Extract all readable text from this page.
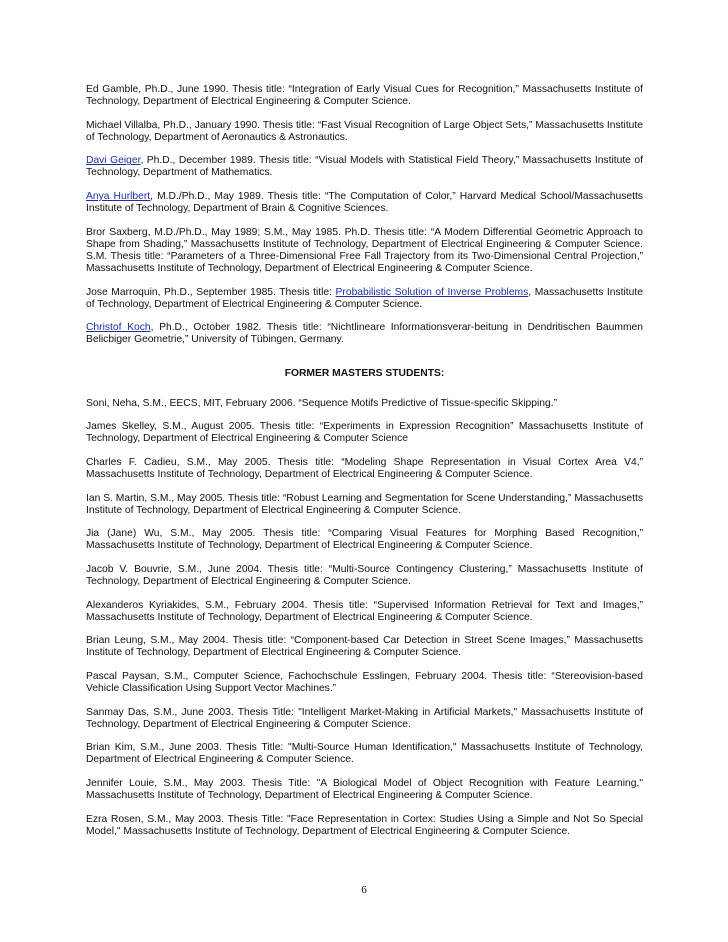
Ed Gamble, Ph.D., June 1990. Thesis title: “Integration of Early Visual Cues for Recognition,” Massachusetts Institute of Technology, Department of Electrical Engineering & Computer Science.

Michael Villalba, Ph.D., January 1990. Thesis title: “Fast Visual Recognition of Large Object Sets,” Massachusetts Institute of Technology, Department of Aeronautics & Astronautics.

Davi Geiger, Ph.D., December 1989. Thesis title: “Visual Models with Statistical Field Theory,” Massachusetts Institute of Technology, Department of Mathematics.

Anya Hurlbert, M.D./Ph.D., May 1989. Thesis title: “The Computation of Color,” Harvard Medical School/Massachusetts Institute of Technology, Department of Brain & Cognitive Sciences.

Bror Saxberg, M.D./Ph.D., May 1989; S.M., May 1985. Ph.D. Thesis title: “A Modern Differential Geometric Approach to Shape from Shading,” Massachusetts Institute of Technology, Department of Electrical Engineering & Computer Science. S.M. Thesis title: “Parameters of a Three-Dimensional Free Fall Trajectory from its Two-Dimensional Central Projection,” Massachusetts Institute of Technology, Department of Electrical Engineering & Computer Science.

Jose Marroquin, Ph.D., September 1985. Thesis title: Probabilistic Solution of Inverse Problems, Massachusetts Institute of Technology, Department of Electrical Engineering & Computer Science.

Christof Koch, Ph.D., October 1982. Thesis title: “Nichtlineare Informationsverar-beitung in Dendritischen Baummen Belicbiger Geometrie,” University of Tübingen, Germany.

FORMER MASTERS STUDENTS:

Soni, Neha, S.M., EECS, MIT, February 2006. “Sequence Motifs Predictive of Tissue-specific Skipping.”

James Skelley, S.M., August 2005. Thesis title: “Experiments in Expression Recognition” Massachusetts Institute of Technology, Department of Electrical Engineering & Computer Science

Charles F. Cadieu, S.M., May 2005. Thesis title: “Modeling Shape Representation in Visual Cortex Area V4,” Massachusetts Institute of Technology, Department of Electrical Engineering & Computer Science.

Ian S. Martin, S.M., May 2005. Thesis title: “Robust Learning and Segmentation for Scene Understanding,” Massachusetts Institute of Technology, Department of Electrical Engineering & Computer Science.

Jia (Jane) Wu, S.M., May 2005. Thesis title: “Comparing Visual Features for Morphing Based Recognition,” Massachusetts Institute of Technology, Department of Electrical Engineering & Computer Science.

Jacob V. Bouvrie, S.M., June 2004. Thesis title: “Multi-Source Contingency Clustering,” Massachusetts Institute of Technology, Department of Electrical Engineering & Computer Science.

Alexanderos Kyriakides, S.M., February 2004. Thesis title: “Supervised Information Retrieval for Text and Images,” Massachusetts Institute of Technology, Department of Electrical Engineering & Computer Science.

Brian Leung, S.M., May 2004. Thesis title: “Component-based Car Detection in Street Scene Images,” Massachusetts Institute of Technology, Department of Electrical Engineering & Computer Science.

Pascal Paysan, S.M., Computer Science, Fachochschule Esslingen, February 2004. Thesis title: “Stereovision-based Vehicle Classification Using Support Vector Machines.”

Sanmay Das, S.M., June 2003. Thesis Title: "Intelligent Market-Making in Artificial Markets," Massachusetts Institute of Technology, Department of Electrical Engineering & Computer Science.

Brian Kim, S.M., June 2003. Thesis Title: "Multi-Source Human Identification," Massachusetts Institute of Technology, Department of Electrical Engineering & Computer Science.

Jennifer Louie, S.M., May 2003. Thesis Title: "A Biological Model of Object Recognition with Feature Learning," Massachusetts Institute of Technology, Department of Electrical Engineering & Computer Science.

Ezra Rosen, S.M., May 2003. Thesis Title: "Face Representation in Cortex: Studies Using a Simple and Not So Special Model," Massachusetts Institute of Technology, Department of Electrical Engineering & Computer Science.

6
